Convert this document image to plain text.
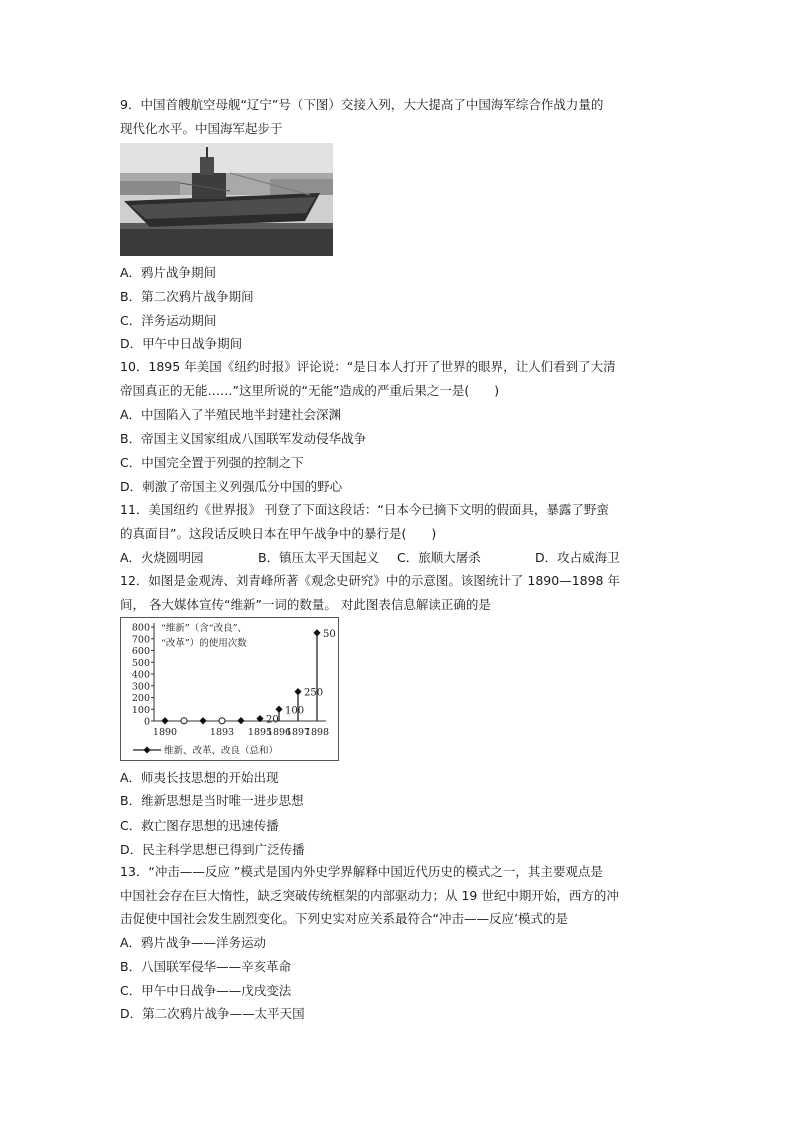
9．中国首艘航空母舰“辽宁”号（下图）交接入列，大大提高了中国海军综合作战力量的
现代化水平。中国海军起步于
A．鸦片战争期间
B．第二次鸦片战争期间
C．洋务运动期间
D．甲午中日战争期间
10．1895 年美国《纽约时报》评论说：“是日本人打开了世界的眼界，让人们看到了大清
帝国真正的无能……”这里所说的“无能”造成的严重后果之一是(　　)
A．中国陷入了半殖民地半封建社会深渊
B．帝国主义国家组成八国联军发动侵华战争
C．中国完全置于列强的控制之下
D．刺激了帝国主义列强瓜分中国的野心
11．美国纽约《世界报》 刊登了下面这段话：“日本今已摘下文明的假面具，暴露了野蛮
的真面目”。这段话反映日本在甲午战争中的暴行是(　　)
A．火烧圆明园	B．镇压太平天国起义 C．旅顺大屠杀	D．攻占威海卫
12．如图是金观涛、刘青峰所著《观念史研究》中的示意图。该图统计了 1890—1898 年
间， 各大媒体宣传“维新”一词的数量。 对此图表信息解读正确的是
800
700
600
500
400
300
200
100
0
1890	1893 1895
1896
1897
1898
20
100
250
50
“维新”（含“改良”、
“改革”）的使用次数
维新、改革、改良（总和）
A．师夷长技思想的开始出现
B．维新思想是当时唯一进步思想
C．救亡图存思想的迅速传播
D．民主科学思想已得到广泛传播
13．“冲击——反应 ”模式是国内外史学界解释中国近代历史的模式之一，其主要观点是
中国社会存在巨大惰性，缺乏突破传统框架的内部驱动力；从 19 世纪中期开始，西方的冲
击促使中国社会发生剧烈变化。下列史实对应关系最符合“冲击——反应’模式的是
A．鸦片战争——洋务运动
B．八国联军侵华——辛亥革命
C．甲午中日战争——戊戌变法
D．第二次鸦片战争——太平天国
